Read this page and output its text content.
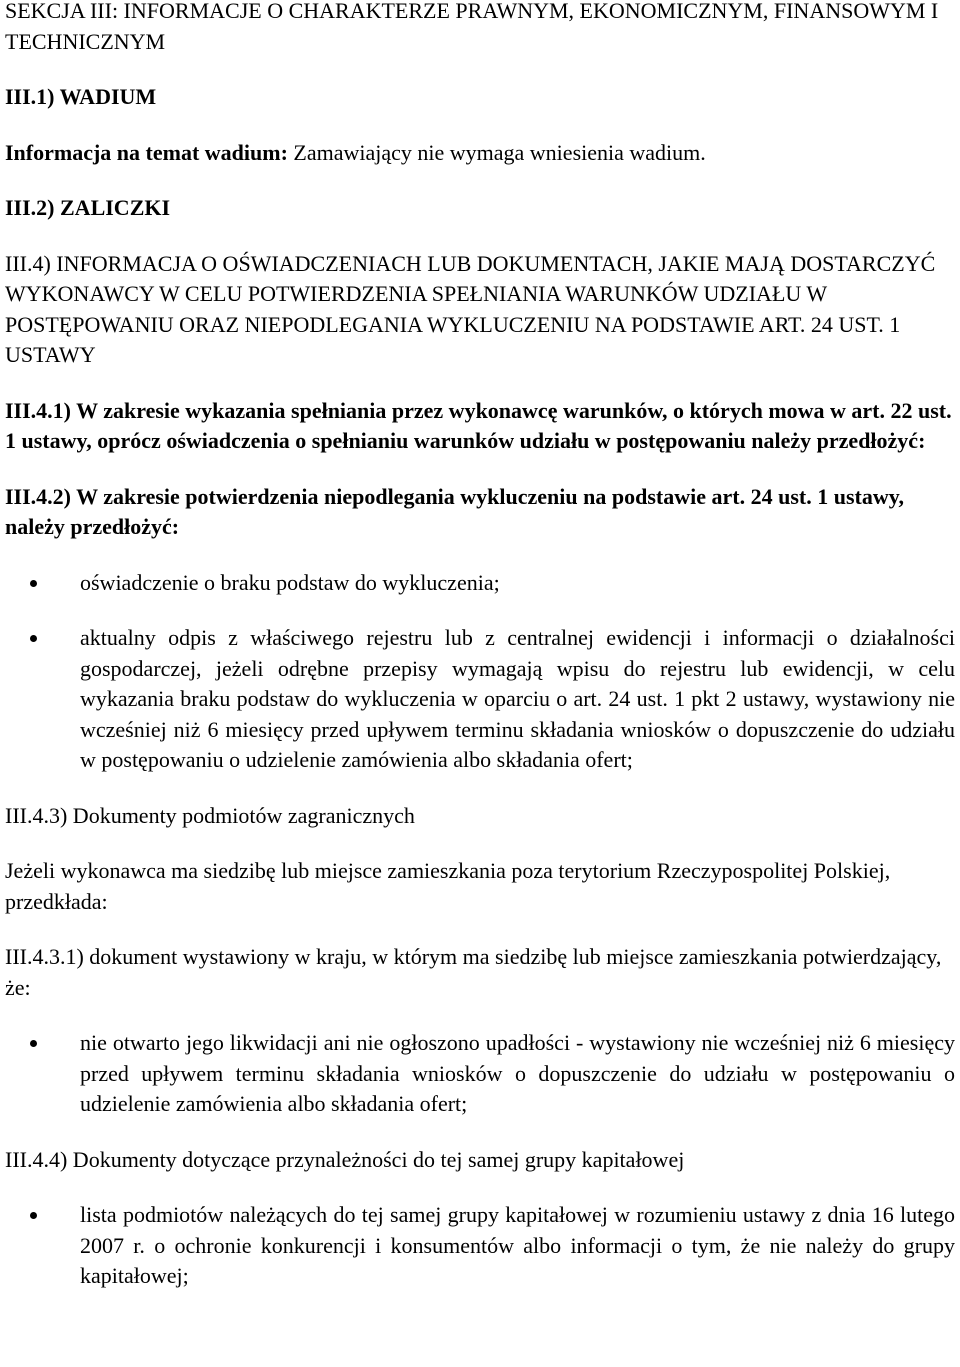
SEKCJA III: INFORMACJE O CHARAKTERZE PRAWNYM, EKONOMICZNYM, FINANSOWYM I TECHNICZNYM

III.1) WADIUM

Informacja na temat wadium: Zamawiający nie wymaga wniesienia wadium.

III.2) ZALICZKI

III.4) INFORMACJA O OŚWIADCZENIACH LUB DOKUMENTACH, JAKIE MAJĄ DOSTARCZYĆ WYKONAWCY W CELU POTWIERDZENIA SPEŁNIANIA WARUNKÓW UDZIAŁU W POSTĘPOWANIU ORAZ NIEPODLEGANIA WYKLUCZENIU NA PODSTAWIE ART. 24 UST. 1 USTAWY

III.4.1) W zakresie wykazania spełniania przez wykonawcę warunków, o których mowa w art. 22 ust. 1 ustawy, oprócz oświadczenia o spełnianiu warunków udziału w postępowaniu należy przedłożyć:

III.4.2) W zakresie potwierdzenia niepodlegania wykluczeniu na podstawie art. 24 ust. 1 ustawy, należy przedłożyć:

oświadczenie o braku podstaw do wykluczenia;
aktualny odpis z właściwego rejestru lub z centralnej ewidencji i informacji o działalności gospodarczej, jeżeli odrębne przepisy wymagają wpisu do rejestru lub ewidencji, w celu wykazania braku podstaw do wykluczenia w oparciu o art. 24 ust. 1 pkt 2 ustawy, wystawiony nie wcześniej niż 6 miesięcy przed upływem terminu składania wniosków o dopuszczenie do udziału w postępowaniu o udzielenie zamówienia albo składania ofert;

III.4.3) Dokumenty podmiotów zagranicznych

Jeżeli wykonawca ma siedzibę lub miejsce zamieszkania poza terytorium Rzeczypospolitej Polskiej, przedkłada:

III.4.3.1) dokument wystawiony w kraju, w którym ma siedzibę lub miejsce zamieszkania potwierdzający, że:

nie otwarto jego likwidacji ani nie ogłoszono upadłości - wystawiony nie wcześniej niż 6 miesięcy przed upływem terminu składania wniosków o dopuszczenie do udziału w postępowaniu o udzielenie zamówienia albo składania ofert;

III.4.4) Dokumenty dotyczące przynależności do tej samej grupy kapitałowej

lista podmiotów należących do tej samej grupy kapitałowej w rozumieniu ustawy z dnia 16 lutego 2007 r. o ochronie konkurencji i konsumentów albo informacji o tym, że nie należy do grupy kapitałowej;
